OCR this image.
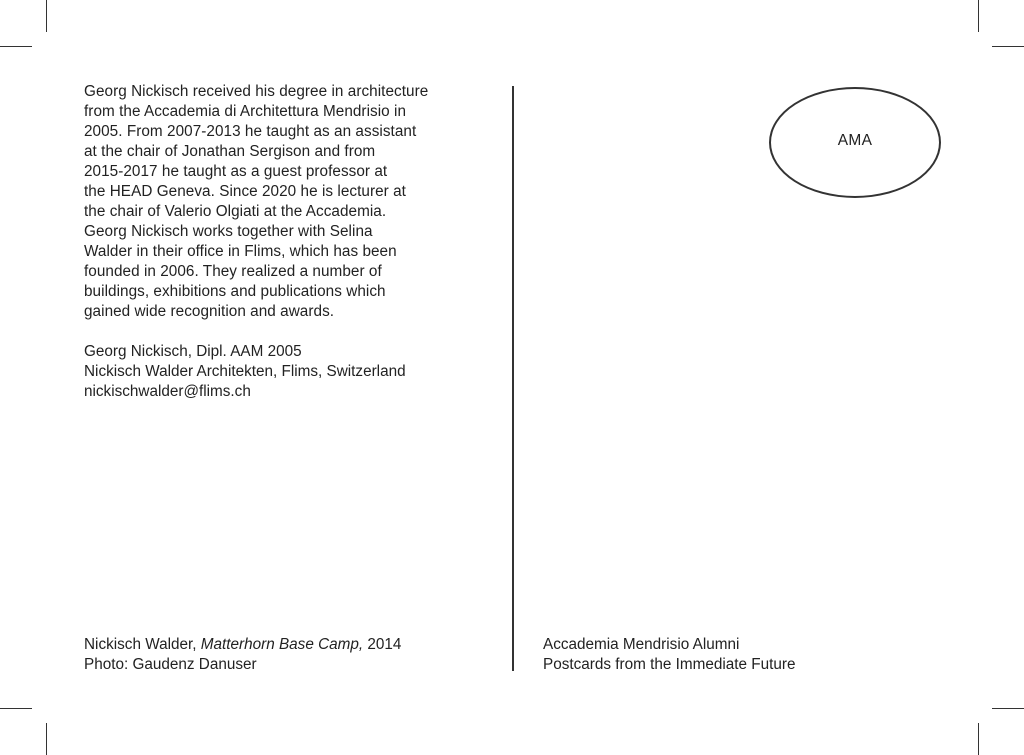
Georg Nickisch received his degree in architecture
from the Accademia di Architettura Mendrisio in
2005. From 2007-2013 he taught as an assistant
at the chair of Jonathan Sergison and from
2015-2017 he taught as a guest professor at
the HEAD Geneva. Since 2020 he is lecturer at
the chair of Valerio Olgiati at the Accademia.
Georg Nickisch works together with Selina
Walder in their office in Flims, which has been
founded in 2006. They realized a number of
buildings, exhibitions and publications which
gained wide recognition and awards.

Georg Nickisch, Dipl. AAM 2005
Nickisch Walder Architekten, Flims, Switzerland
nickischwalder@flims.ch
AMA
Nickisch Walder, Matterhorn Base Camp, 2014
Photo: Gaudenz Danuser
Accademia Mendrisio Alumni
Postcards from the Immediate Future
